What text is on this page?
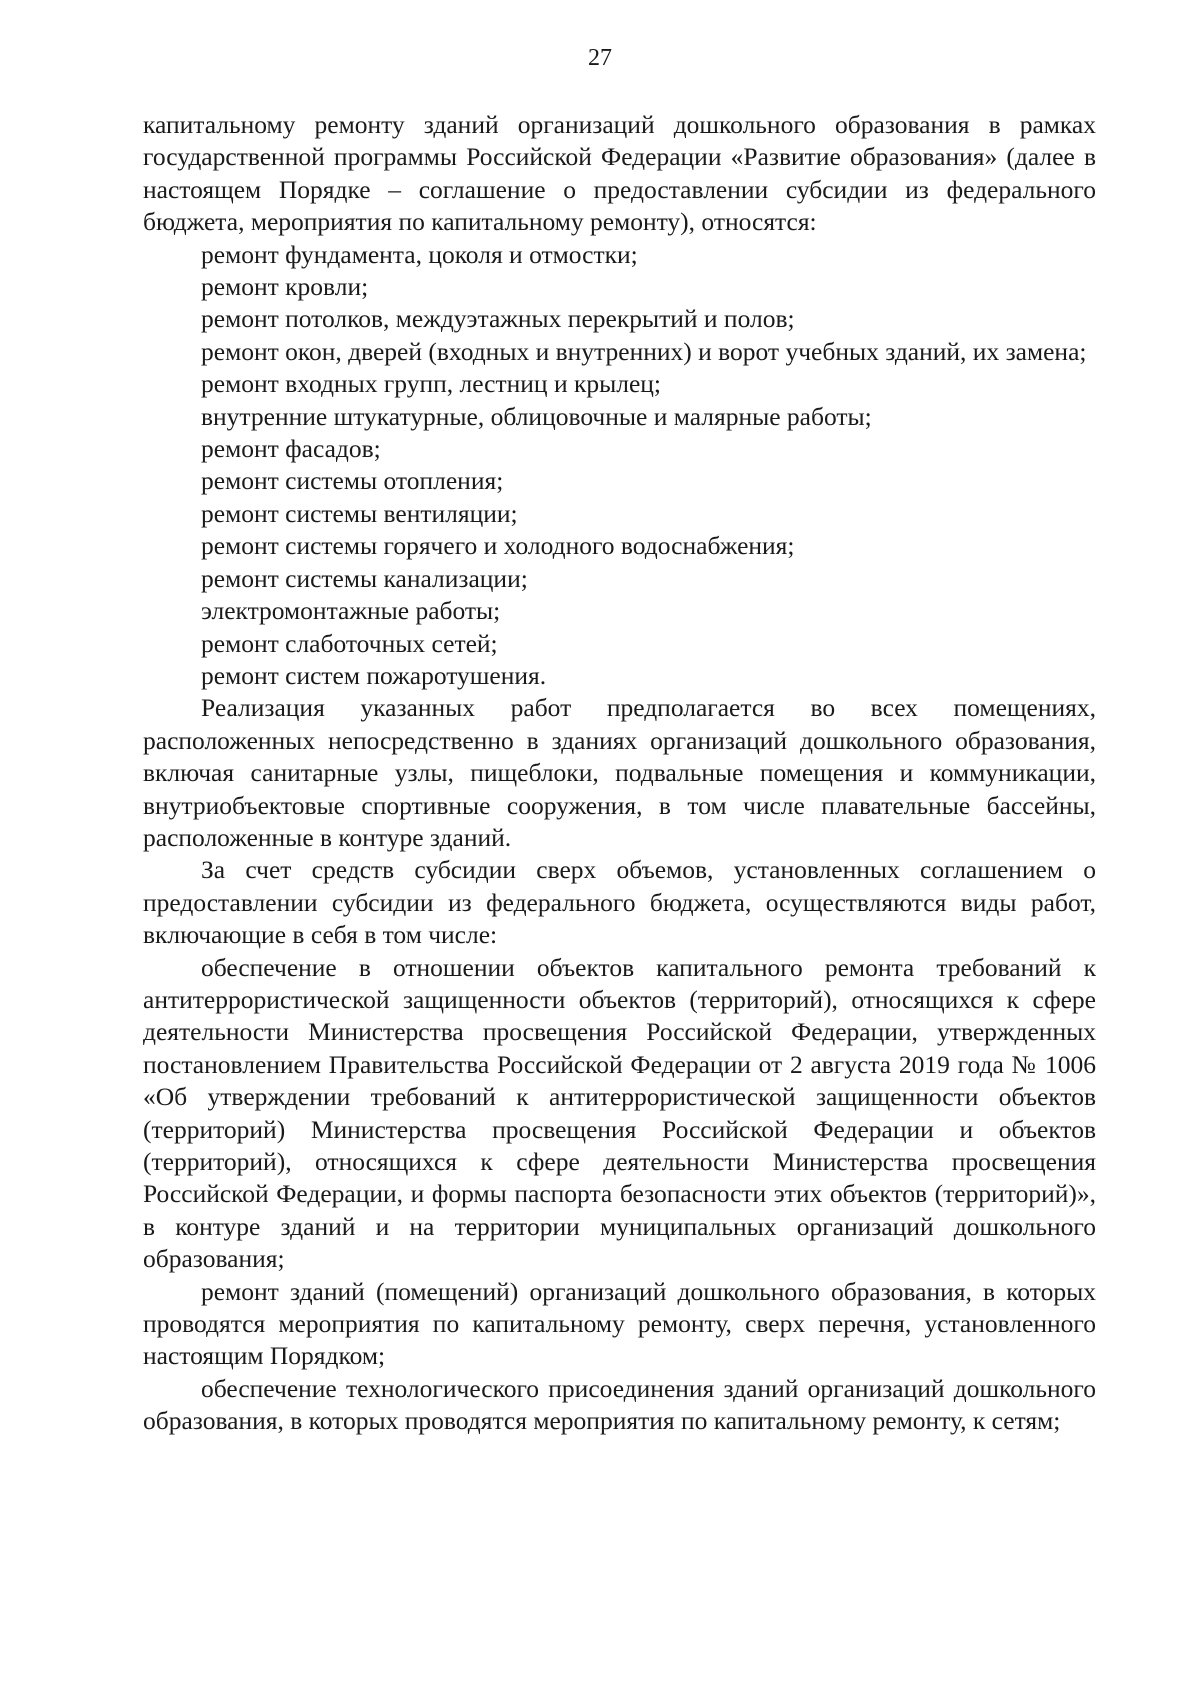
27

капитальному ремонту зданий организаций дошкольного образования в рамках государственной программы Российской Федерации «Развитие образования» (далее в настоящем Порядке – соглашение о предоставлении субсидии из федерального бюджета, мероприятия по капитальному ремонту), относятся:

ремонт фундамента, цоколя и отмостки;

ремонт кровли;

ремонт потолков, междуэтажных перекрытий и полов;

ремонт окон, дверей (входных и внутренних) и ворот учебных зданий, их замена;

ремонт входных групп, лестниц и крылец;

внутренние штукатурные, облицовочные и малярные работы;

ремонт фасадов;

ремонт системы отопления;

ремонт системы вентиляции;

ремонт системы горячего и холодного водоснабжения;

ремонт системы канализации;

электромонтажные работы;

ремонт слаботочных сетей;

ремонт систем пожаротушения.

Реализация указанных работ предполагается во всех помещениях, расположенных непосредственно в зданиях организаций дошкольного образования, включая санитарные узлы, пищеблоки, подвальные помещения и коммуникации, внутриобъектовые спортивные сооружения, в том числе плавательные бассейны, расположенные в контуре зданий.

За счет средств субсидии сверх объемов, установленных соглашением о предоставлении субсидии из федерального бюджета, осуществляются виды работ, включающие в себя в том числе:

обеспечение в отношении объектов капитального ремонта требований к антитеррористической защищенности объектов (территорий), относящихся к сфере деятельности Министерства просвещения Российской Федерации, утвержденных постановлением Правительства Российской Федерации от 2 августа 2019 года № 1006 «Об утверждении требований к антитеррористической защищенности объектов (территорий) Министерства просвещения Российской Федерации и объектов (территорий), относящихся к сфере деятельности Министерства просвещения Российской Федерации, и формы паспорта безопасности этих объектов (территорий)», в контуре зданий и на территории муниципальных организаций дошкольного образования;

ремонт зданий (помещений) организаций дошкольного образования, в которых проводятся мероприятия по капитальному ремонту, сверх перечня, установленного настоящим Порядком;

обеспечение технологического присоединения зданий организаций дошкольного образования, в которых проводятся мероприятия по капитальному ремонту, к сетям;
